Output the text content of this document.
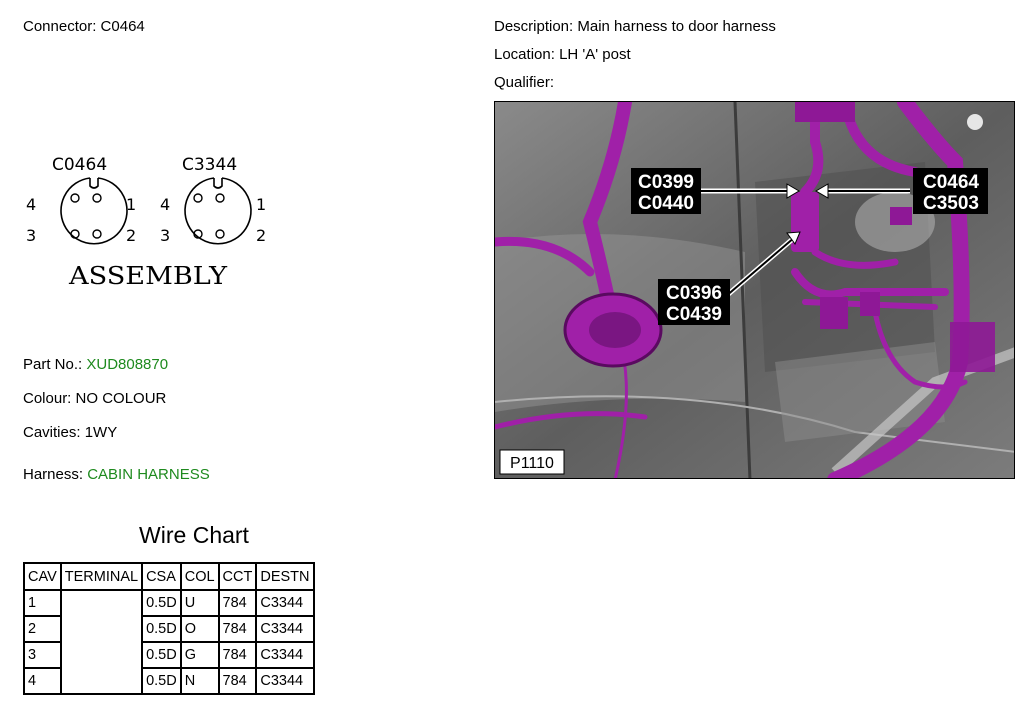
Connector: C0464	Description: Main harness to door harness
Location: LH 'A' post
Qualifier:
C0464	C3344
4	1
3	2
4	1
3	2
ASSEMBLY
Part No.: XUD808870
Colour: NO COLOUR
Cavities: 1WY
Harness: CABIN HARNESS
C0399
C0440
C0464
C3503
C0396
C0439
P1110
Wire Chart
CAV	TERMINAL	CSA	COL	CCT	DESTN
1		0.5D	U	784	C3344
2		0.5D	O	784	C3344
3		0.5D	G	784	C3344
4		0.5D	N	784	C3344
